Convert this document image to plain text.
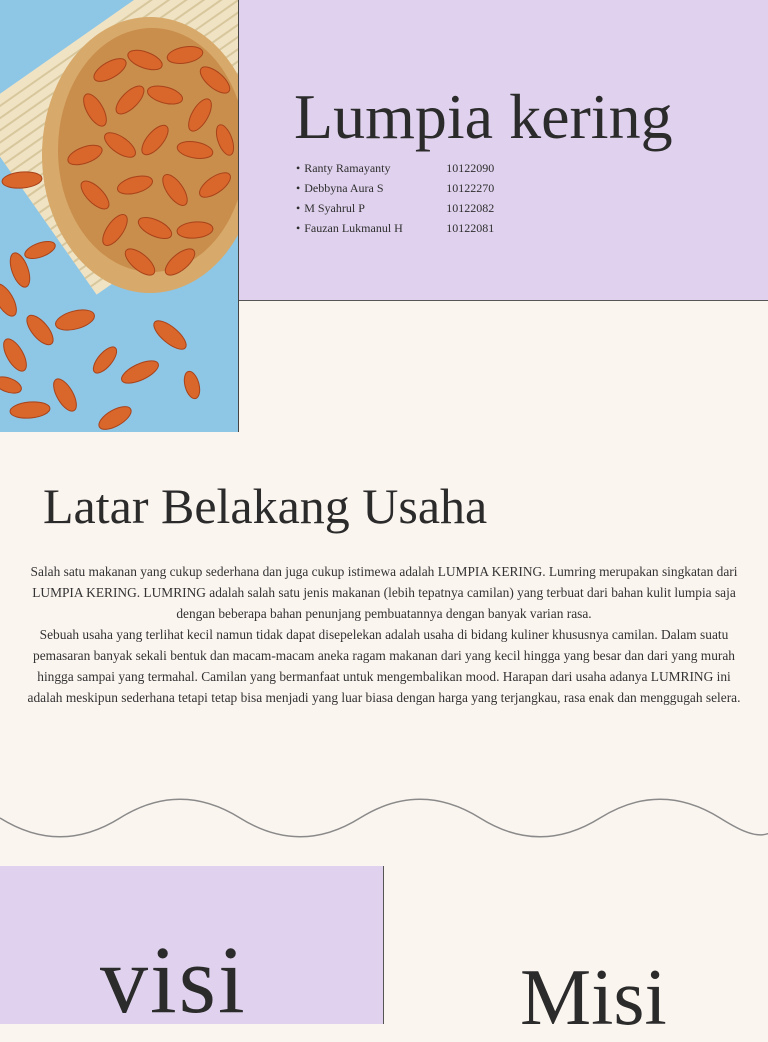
Lumpia kering
• Ranty Ramayanty	10122090
• Debbyna Aura S	10122270
• M Syahrul P	10122082
• Fauzan Lukmanul H	10122081
Latar Belakang Usaha

Salah satu makanan yang cukup sederhana dan juga cukup istimewa adalah LUMPIA KERING. Lumring merupakan singkatan dari LUMPIA KERING. LUMRING adalah salah satu jenis makanan (lebih tepatnya camilan) yang terbuat dari bahan kulit lumpia saja dengan beberapa bahan penunjang pembuatannya dengan banyak varian rasa.

Sebuah usaha yang terlihat kecil namun tidak dapat disepelekan adalah usaha di bidang kuliner khususnya camilan. Dalam suatu pemasaran banyak sekali bentuk dan macam-macam aneka ragam makanan dari yang kecil hingga yang besar dan dari yang murah hingga sampai yang termahal. Camilan yang bermanfaat untuk mengembalikan mood. Harapan dari usaha adanya LUMRING ini adalah meskipun sederhana tetapi tetap bisa menjadi yang luar biasa dengan harga yang terjangkau, rasa enak dan menggugah selera.

visi	Misi
